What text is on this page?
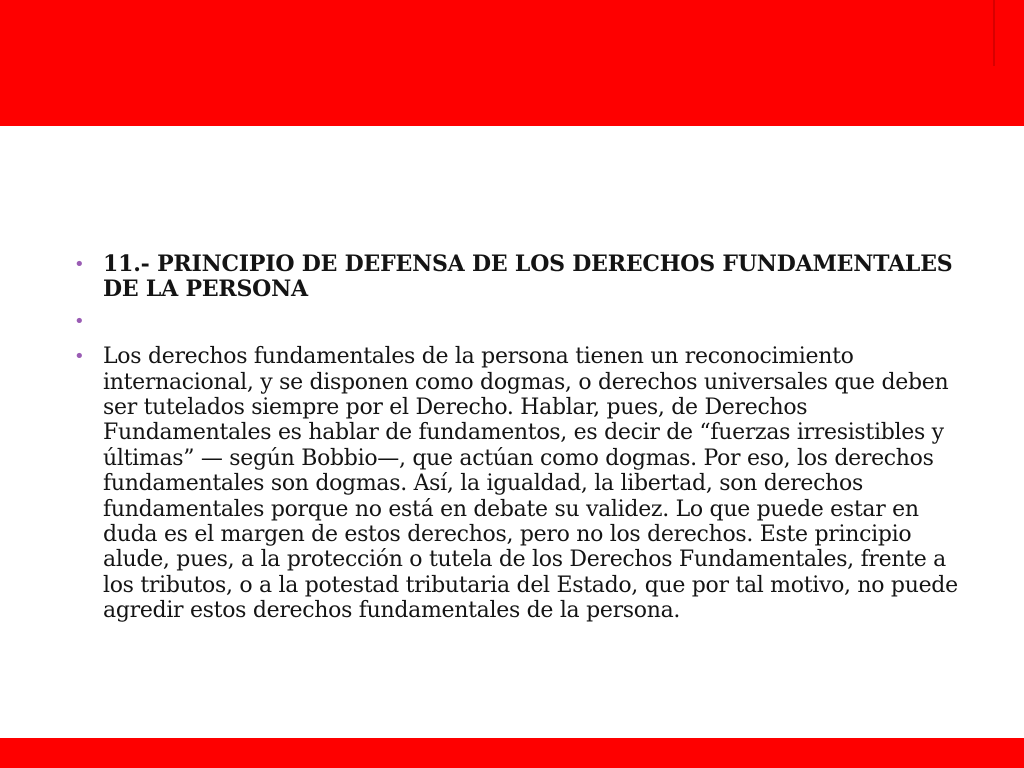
• 11.- PRINCIPIO DE DEFENSA DE LOS DERECHOS FUNDAMENTALES DE LA PERSONA
•
• Los derechos fundamentales de la persona tienen un reconocimiento internacional, y se disponen como dogmas, o derechos universales que deben ser tutelados siempre por el Derecho. Hablar, pues, de Derechos Fundamentales es hablar de fundamentos, es decir de “fuerzas irresistibles y últimas” — según Bobbio—, que actúan como dogmas. Por eso, los derechos fundamentales son dogmas. Así, la igualdad, la libertad, son derechos fundamentales porque no está en debate su validez. Lo que puede estar en duda es el margen de estos derechos, pero no los derechos. Este principio alude, pues, a la protección o tutela de los Derechos Fundamentales, frente a los tributos, o a la potestad tributaria del Estado, que por tal motivo, no puede agredir estos derechos fundamentales de la persona.
